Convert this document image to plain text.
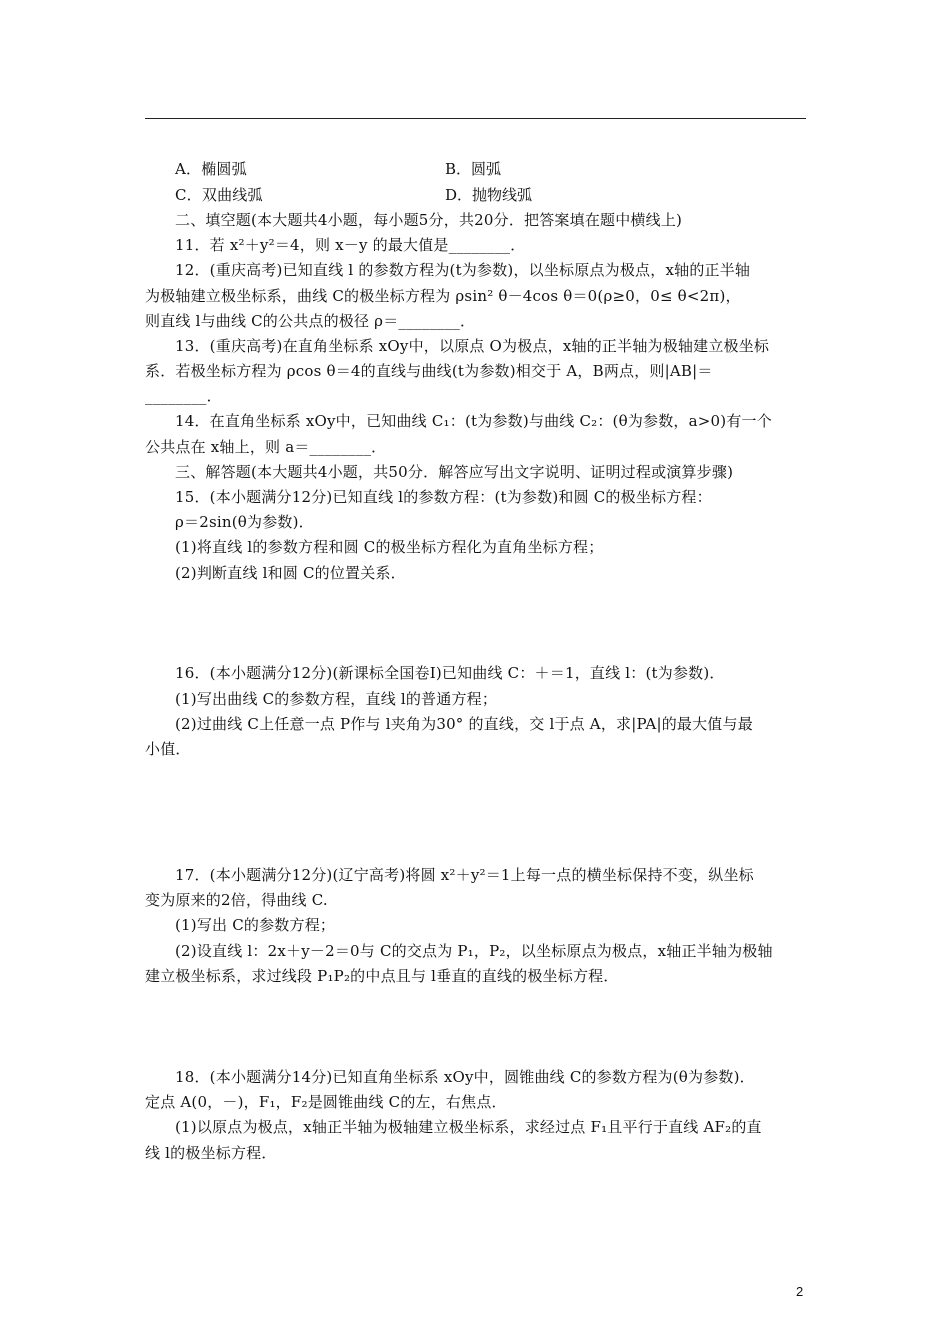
A．椭圆弧	B．圆弧
C．双曲线弧	D．抛物线弧
二、填空题(本大题共4小题，每小题5分，共20分．把答案填在题中横线上)
11．若 x²＋y²＝4，则 x－y 的最大值是________．
12．(重庆高考)已知直线 l 的参数方程为(t为参数)，以坐标原点为极点，x轴的正半轴
为极轴建立极坐标系，曲线 C的极坐标方程为 ρsin² θ－4cos θ＝0(ρ≥0，0≤ θ<2π)，
则直线 l与曲线 C的公共点的极径 ρ＝________．
13．(重庆高考)在直角坐标系 xOy中，以原点 O为极点，x轴的正半轴为极轴建立极坐标
系．若极坐标方程为 ρcos θ＝4的直线与曲线(t为参数)相交于 A，B两点，则|AB|＝
________．
14．在直角坐标系 xOy中，已知曲线 C₁：(t为参数)与曲线 C₂：(θ为参数，a>0)有一个
公共点在 x轴上，则 a＝________．
三、解答题(本大题共4小题，共50分．解答应写出文字说明、证明过程或演算步骤)
15．(本小题满分12分)已知直线 l的参数方程：(t为参数)和圆 C的极坐标方程：
ρ＝2sin(θ为参数)．
(1)将直线 l的参数方程和圆 C的极坐标方程化为直角坐标方程；
(2)判断直线 l和圆 C的位置关系．
16．(本小题满分12分)(新课标全国卷Ⅰ)已知曲线 C：＋＝1，直线 l：(t为参数)．
(1)写出曲线 C的参数方程，直线 l的普通方程；
(2)过曲线 C上任意一点 P作与 l夹角为30° 的直线，交 l于点 A，求|PA|的最大值与最
小值．
17．(本小题满分12分)(辽宁高考)将圆 x²＋y²＝1上每一点的横坐标保持不变，纵坐标
变为原来的2倍，得曲线 C.
(1)写出 C的参数方程；
(2)设直线 l：2x＋y－2＝0与 C的交点为 P₁，P₂，以坐标原点为极点，x轴正半轴为极轴
建立极坐标系，求过线段 P₁P₂的中点且与 l垂直的直线的极坐标方程．
18．(本小题满分14分)已知直角坐标系 xOy中，圆锥曲线 C的参数方程为(θ为参数)．
定点 A(0，－)，F₁，F₂是圆锥曲线 C的左，右焦点．
(1)以原点为极点，x轴正半轴为极轴建立极坐标系，求经过点 F₁且平行于直线 AF₂的直
线 l的极坐标方程．
2
